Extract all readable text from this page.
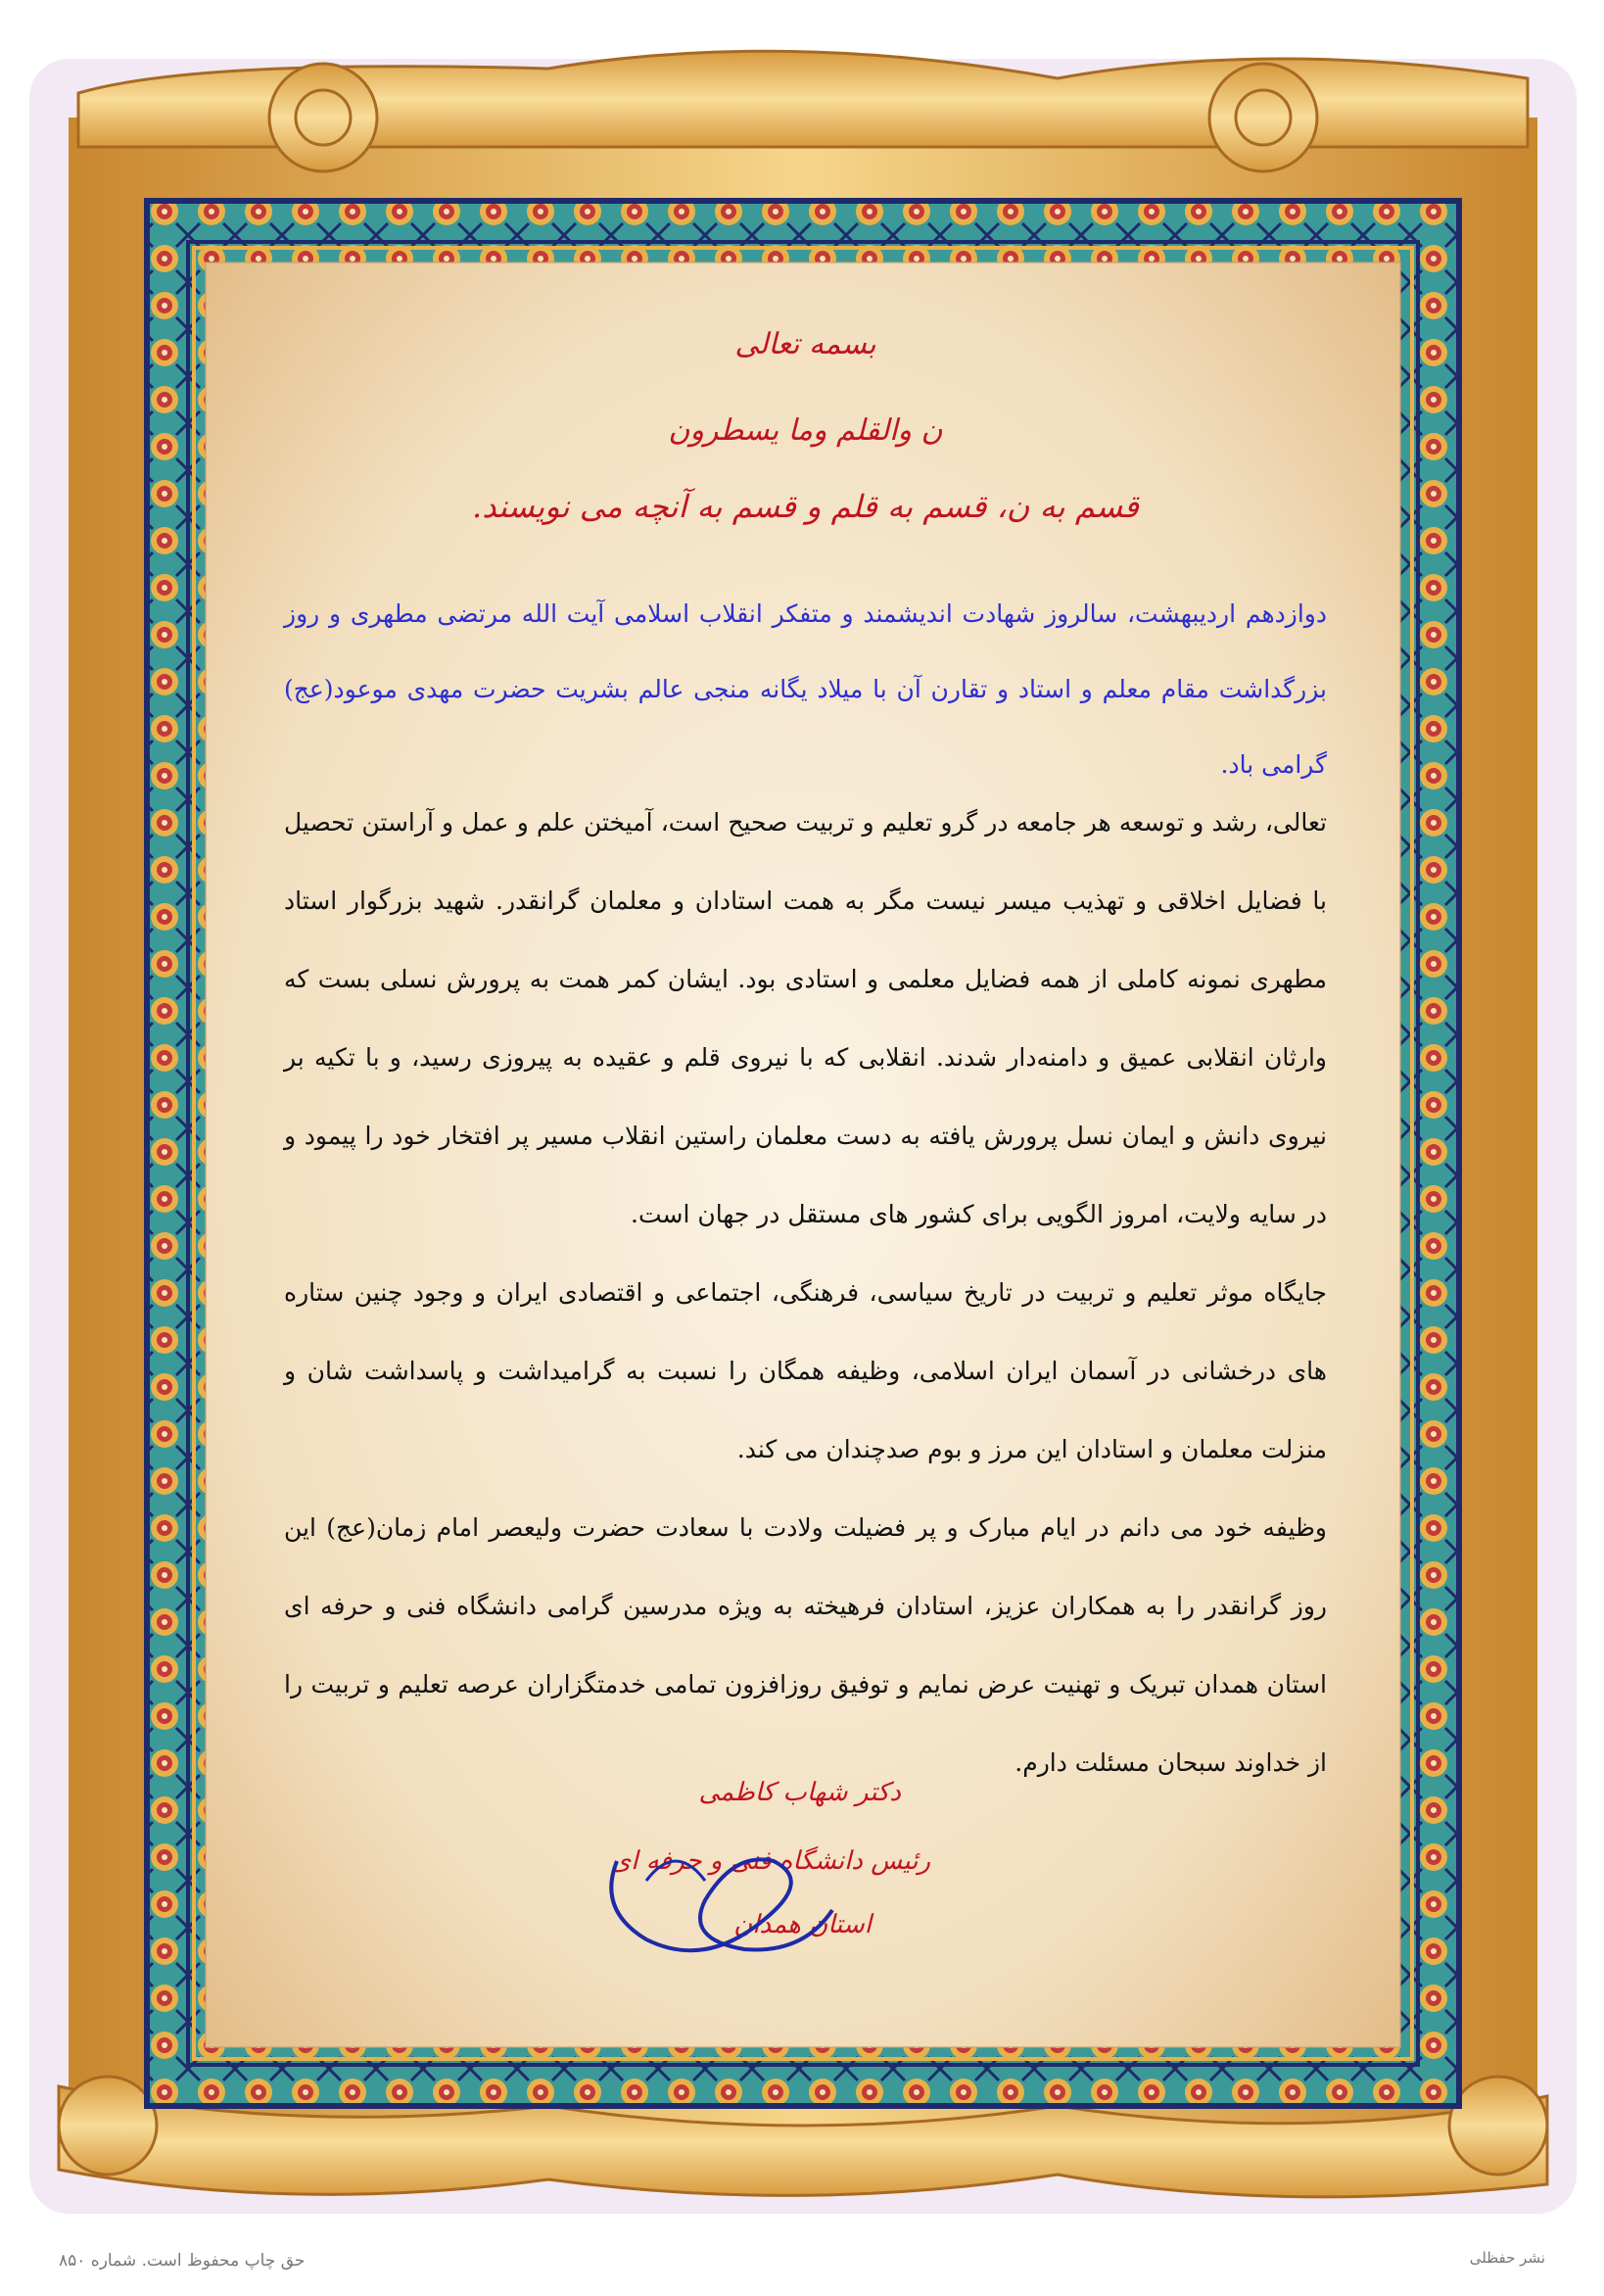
بسمه تعالی
ن والقلم وما یسطرون
قسم به ن، قسم به قلم و قسم به آنچه می نویسند.
دوازدهم اردیبهشت، سالروز شهادت اندیشمند و متفکر انقلاب اسلامی آیت الله مرتضی مطهری و روز بزرگداشت مقام معلم و استاد و تقارن آن با میلاد یگانه منجی عالم بشریت حضرت مهدی موعود(عج) گرامی باد.

تعالی، رشد و توسعه هر جامعه در گرو تعلیم و تربیت صحیح است، آمیختن علم و عمل و آراستن تحصیل با فضایل اخلاقی و تهذیب میسر نیست مگر به همت استادان و معلمان گرانقدر. شهید بزرگوار استاد مطهری نمونه کاملی از همه فضایل معلمی و استادی بود. ایشان کمر همت به پرورش نسلی بست که وارثان انقلابی عمیق و دامنه‌دار شدند. انقلابی که با نیروی قلم و عقیده به پیروزی رسید، و با تکیه بر نیروی دانش و ایمان نسل پرورش یافته به دست معلمان راستین انقلاب مسیر پر افتخار خود را پیمود و در سایه ولایت، امروز الگویی برای کشور های مستقل در جهان است.

جایگاه موثر تعلیم و تربیت در تاریخ سیاسی، فرهنگی، اجتماعی و اقتصادی ایران و وجود چنین ستاره های درخشانی در آسمان ایران اسلامی، وظیفه همگان را نسبت به گرامیداشت و پاسداشت شان و منزلت معلمان و استادان این مرز و بوم صدچندان می کند.

وظیفه خود می دانم در ایام مبارک و پر فضیلت ولادت با سعادت حضرت ولیعصر امام زمان(عج) این روز گرانقدر را به همکاران عزیز، استادان فرهیخته به ویژه مدرسین گرامی دانشگاه فنی و حرفه ای استان همدان تبریک و تهنیت عرض نمایم و توفیق روزافزون تمامی خدمتگزاران عرصه تعلیم و تربیت را از خداوند سبحان مسئلت دارم.

دکتر شهاب کاظمی
رئیس دانشگاه فنی و حرفه ای
استان همدان
حق چاپ محفوظ است. شماره ۸۵۰	نشر حفظلی
